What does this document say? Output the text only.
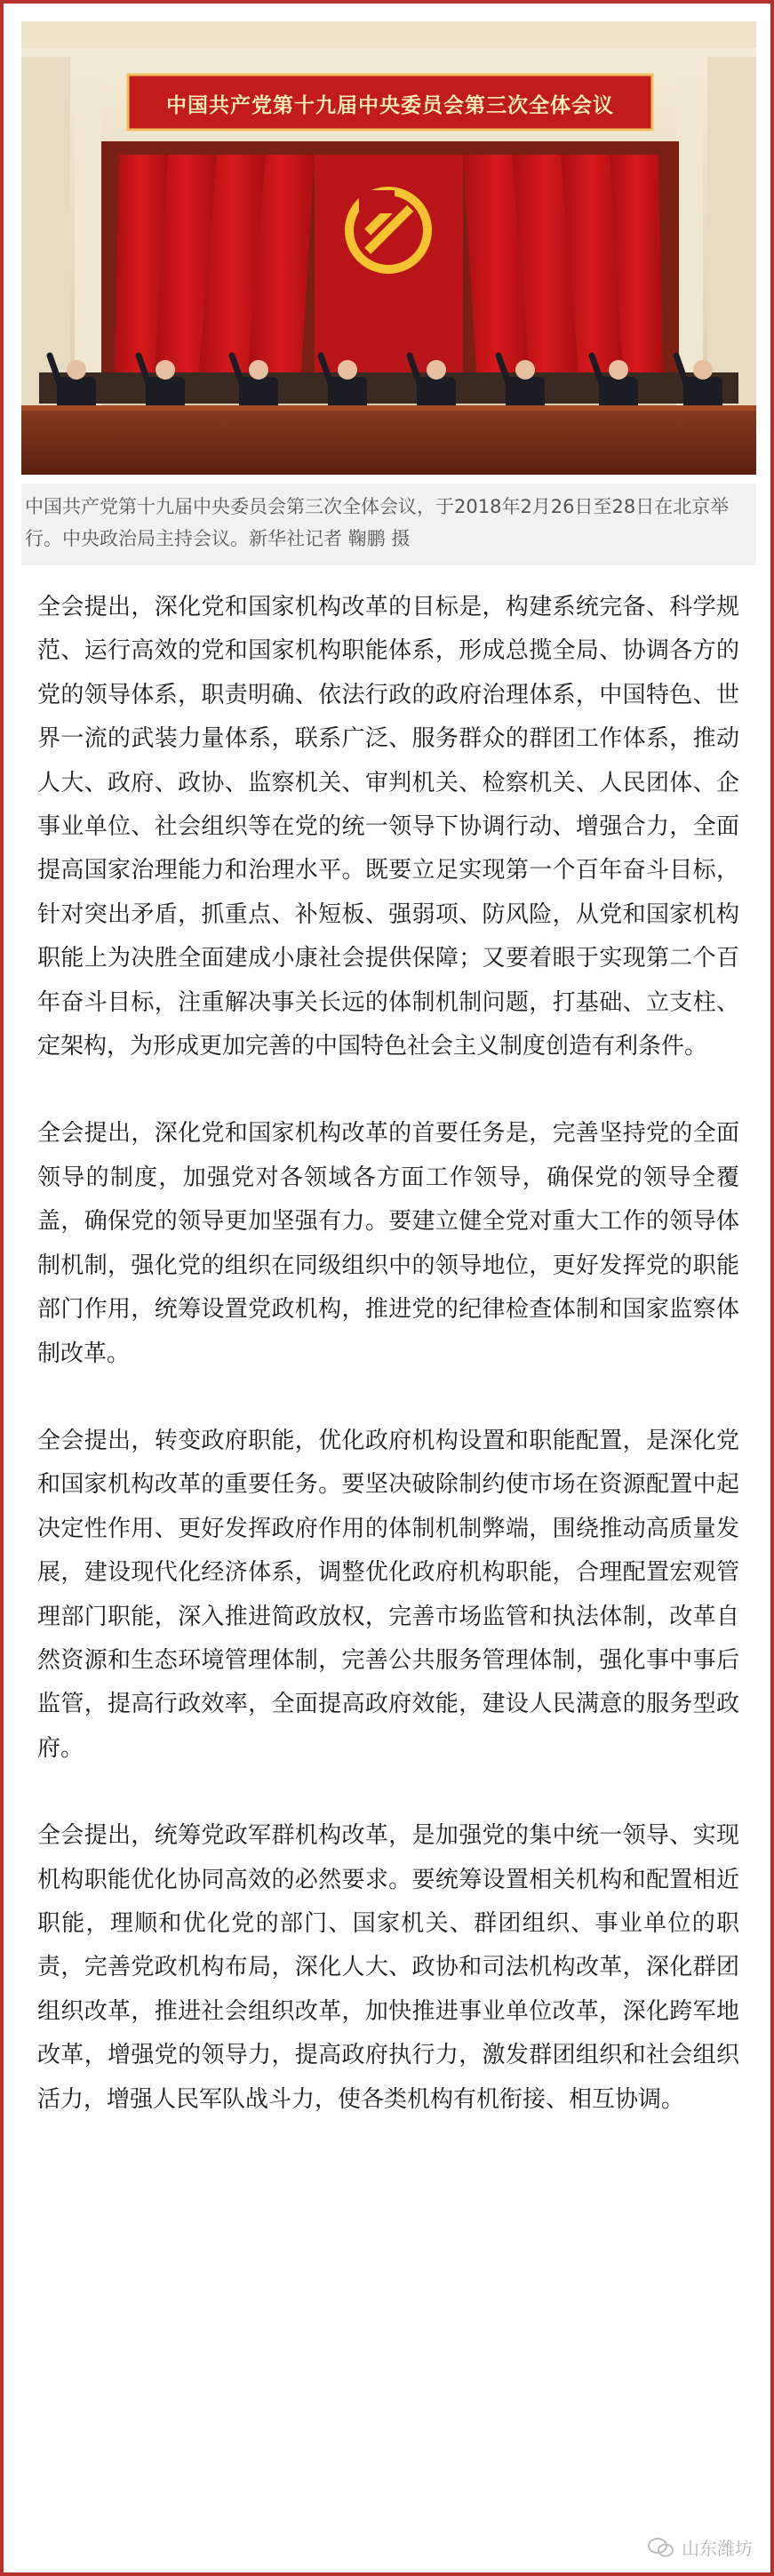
中国共产党第十九届中央委员会第三次全体会议
中国共产党第十九届中央委员会第三次全体会议，于2018年2月26日至28日在北京举行。中央政治局主持会议。新华社记者 鞠鹏 摄

全会提出，深化党和国家机构改革的目标是，构建系统完备、科学规范、运行高效的党和国家机构职能体系，形成总揽全局、协调各方的党的领导体系，职责明确、依法行政的政府治理体系，中国特色、世界一流的武装力量体系，联系广泛、服务群众的群团工作体系，推动人大、政府、政协、监察机关、审判机关、检察机关、人民团体、企事业单位、社会组织等在党的统一领导下协调行动、增强合力，全面提高国家治理能力和治理水平。既要立足实现第一个百年奋斗目标，针对突出矛盾，抓重点、补短板、强弱项、防风险，从党和国家机构职能上为决胜全面建成小康社会提供保障；又要着眼于实现第二个百年奋斗目标，注重解决事关长远的体制机制问题，打基础、立支柱、定架构，为形成更加完善的中国特色社会主义制度创造有利条件。

全会提出，深化党和国家机构改革的首要任务是，完善坚持党的全面领导的制度，加强党对各领域各方面工作领导，确保党的领导全覆盖，确保党的领导更加坚强有力。要建立健全党对重大工作的领导体制机制，强化党的组织在同级组织中的领导地位，更好发挥党的职能部门作用，统筹设置党政机构，推进党的纪律检查体制和国家监察体制改革。

全会提出，转变政府职能，优化政府机构设置和职能配置，是深化党和国家机构改革的重要任务。要坚决破除制约使市场在资源配置中起决定性作用、更好发挥政府作用的体制机制弊端，围绕推动高质量发展，建设现代化经济体系，调整优化政府机构职能，合理配置宏观管理部门职能，深入推进简政放权，完善市场监管和执法体制，改革自然资源和生态环境管理体制，完善公共服务管理体制，强化事中事后监管，提高行政效率，全面提高政府效能，建设人民满意的服务型政府。

全会提出，统筹党政军群机构改革，是加强党的集中统一领导、实现机构职能优化协同高效的必然要求。要统筹设置相关机构和配置相近职能，理顺和优化党的部门、国家机关、群团组织、事业单位的职责，完善党政机构布局，深化人大、政协和司法机构改革，深化群团组织改革，推进社会组织改革，加快推进事业单位改革，深化跨军地改革，增强党的领导力，提高政府执行力，激发群团组织和社会组织活力，增强人民军队战斗力，使各类机构有机衔接、相互协调。

山东潍坊
